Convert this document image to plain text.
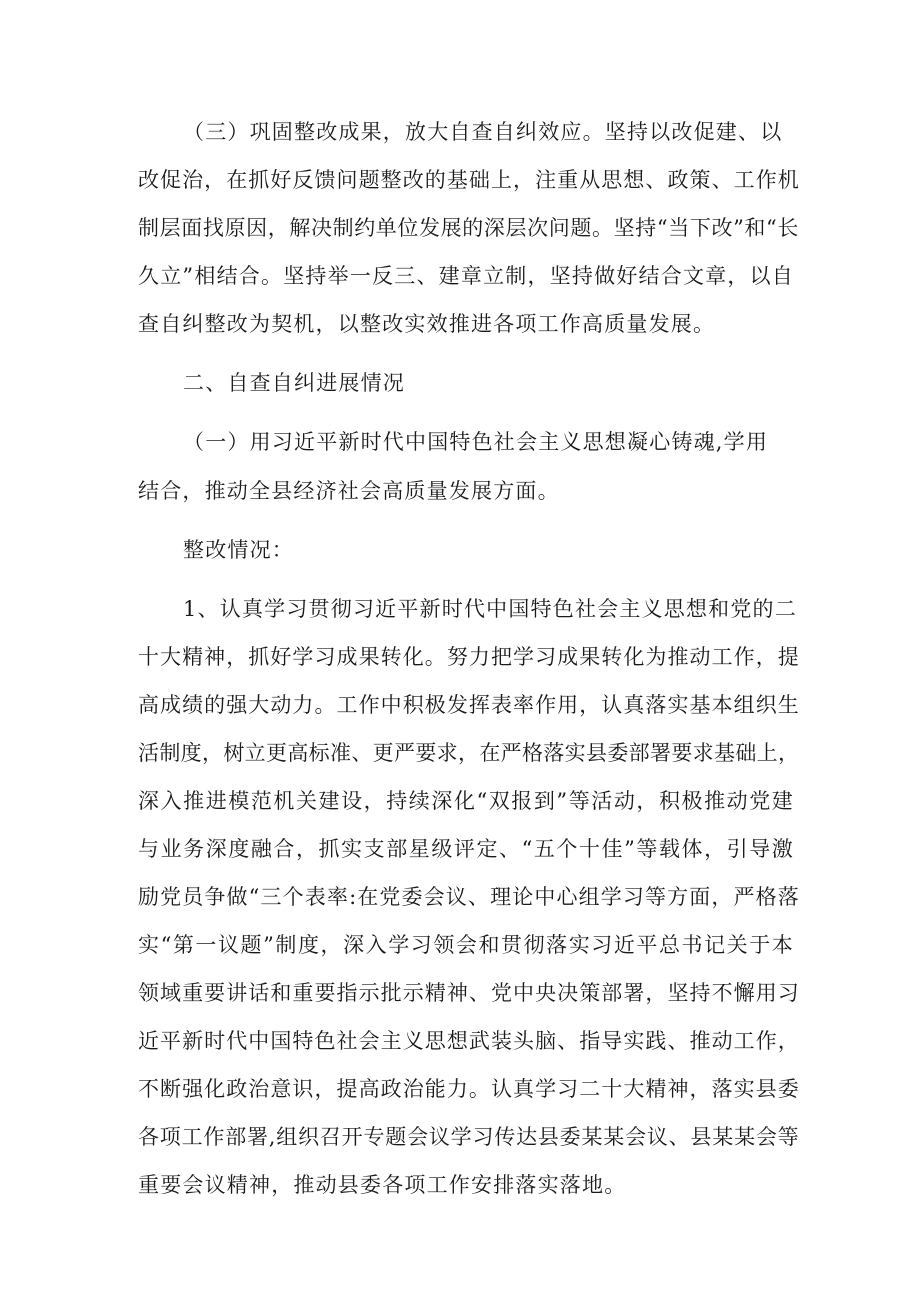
（三）巩固整改成果，放大自查自纠效应。坚持以改促建、以
改促治，在抓好反馈问题整改的基础上，注重从思想、政策、工作机
制层面找原因，解决制约单位发展的深层次问题。坚持“当下改”和“长
久立”相结合。坚持举一反三、建章立制，坚持做好结合文章，以自
查自纠整改为契机，以整改实效推进各项工作高质量发展。
二、自查自纠进展情况
（一）用习近平新时代中国特色社会主义思想凝心铸魂,学用
结合，推动全县经济社会高质量发展方面。
整改情况：
1、认真学习贯彻习近平新时代中国特色社会主义思想和党的二
十大精神，抓好学习成果转化。努力把学习成果转化为推动工作，提
高成绩的强大动力。工作中积极发挥表率作用，认真落实基本组织生
活制度，树立更高标准、更严要求，在严格落实县委部署要求基础上，
深入推进模范机关建设，持续深化“双报到”等活动，积极推动党建
与业务深度融合，抓实支部星级评定、“五个十佳”等载体，引导激
励党员争做“三个表率:在党委会议、理论中心组学习等方面，严格落
实“第一议题”制度，深入学习领会和贯彻落实习近平总书记关于本
领域重要讲话和重要指示批示精神、党中央决策部署，坚持不懈用习
近平新时代中国特色社会主义思想武装头脑、指导实践、推动工作，
不断强化政治意识，提高政治能力。认真学习二十大精神，落实县委
各项工作部署,组织召开专题会议学习传达县委某某会议、县某某会等
重要会议精神，推动县委各项工作安排落实落地。
